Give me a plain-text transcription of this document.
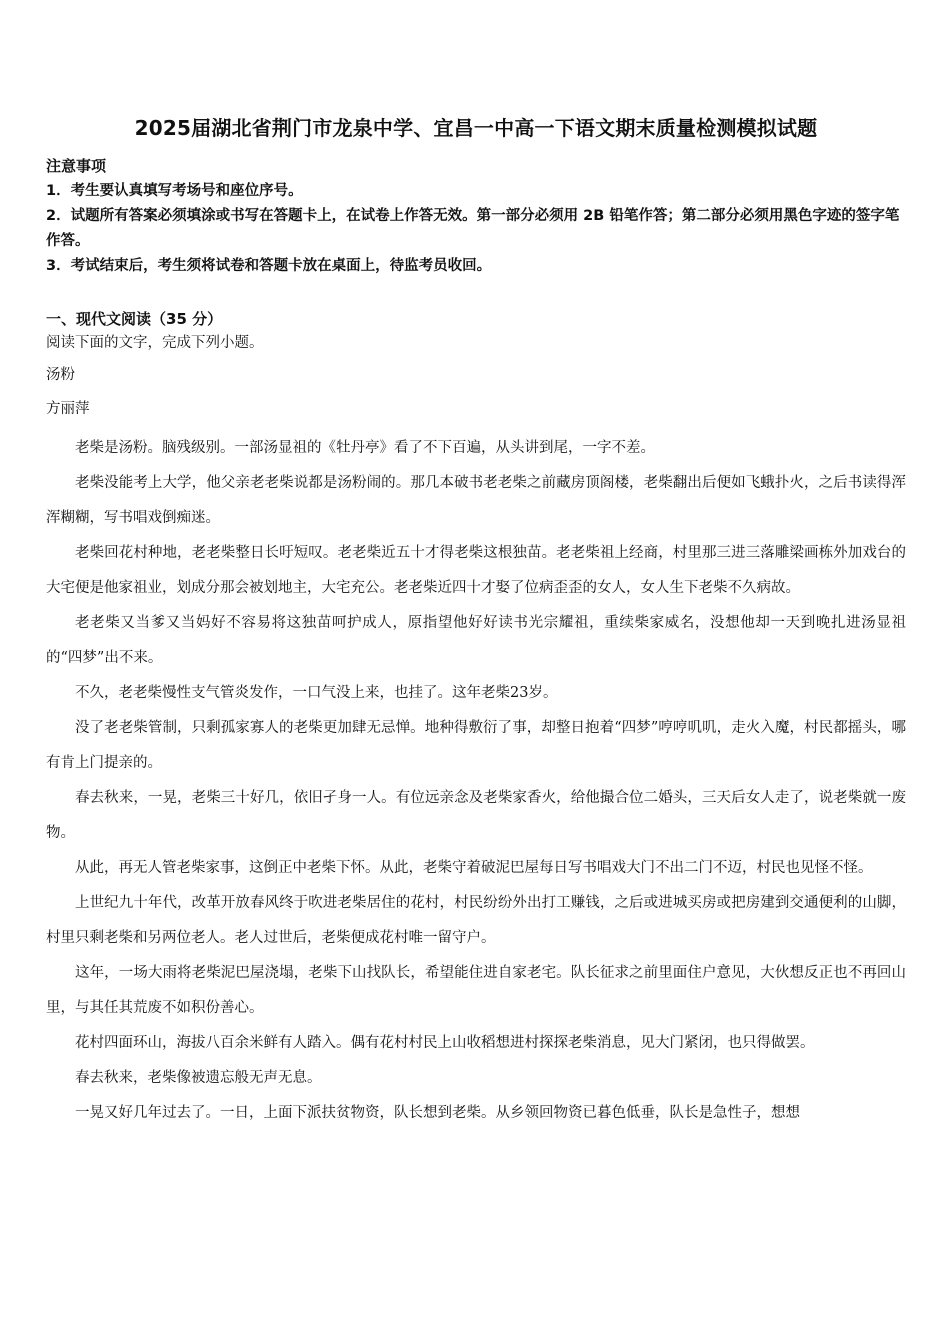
2025届湖北省荆门市龙泉中学、宜昌一中高一下语文期末质量检测模拟试题
注意事项
1．考生要认真填写考场号和座位序号。
2．试题所有答案必须填涂或书写在答题卡上，在试卷上作答无效。第一部分必须用 2B 铅笔作答；第二部分必须用黑色字迹的签字笔作答。
3．考试结束后，考生须将试卷和答题卡放在桌面上，待监考员收回。
一、现代文阅读（35 分）
阅读下面的文字，完成下列小题。
汤粉
方丽萍

老柴是汤粉。脑残级别。一部汤显祖的《牡丹亭》看了不下百遍，从头讲到尾，一字不差。

老柴没能考上大学，他父亲老老柴说都是汤粉闹的。那几本破书老老柴之前藏房顶阁楼，老柴翻出后便如飞蛾扑火，之后书读得浑浑糊糊，写书唱戏倒痴迷。

老柴回花村种地，老老柴整日长吁短叹。老老柴近五十才得老柴这根独苗。老老柴祖上经商，村里那三进三落雕梁画栋外加戏台的大宅便是他家祖业，划成分那会被划地主，大宅充公。老老柴近四十才娶了位病歪歪的女人，女人生下老柴不久病故。

老老柴又当爹又当妈好不容易将这独苗呵护成人，原指望他好好读书光宗耀祖，重续柴家威名，没想他却一天到晚扎进汤显祖的“四梦”出不来。

不久，老老柴慢性支气管炎发作，一口气没上来，也挂了。这年老柴23岁。

没了老老柴管制，只剩孤家寡人的老柴更加肆无忌惮。地种得敷衍了事，却整日抱着“四梦”哼哼叽叽，走火入魔，村民都摇头，哪有肯上门提亲的。

春去秋来，一晃，老柴三十好几，依旧孑身一人。有位远亲念及老柴家香火，给他撮合位二婚头，三天后女人走了，说老柴就一废物。

从此，再无人管老柴家事，这倒正中老柴下怀。从此，老柴守着破泥巴屋每日写书唱戏大门不出二门不迈，村民也见怪不怪。

上世纪九十年代，改革开放春风终于吹进老柴居住的花村，村民纷纷外出打工赚钱，之后或进城买房或把房建到交通便利的山脚，村里只剩老柴和另两位老人。老人过世后，老柴便成花村唯一留守户。

这年，一场大雨将老柴泥巴屋浇塌，老柴下山找队长，希望能住进自家老宅。队长征求之前里面住户意见，大伙想反正也不再回山里，与其任其荒废不如积份善心。

花村四面环山，海拔八百余米鲜有人踏入。偶有花村村民上山收稻想进村探探老柴消息，见大门紧闭，也只得做罢。

春去秋来，老柴像被遗忘般无声无息。

一晃又好几年过去了。一日，上面下派扶贫物资，队长想到老柴。从乡领回物资已暮色低垂，队长是急性子，想想
